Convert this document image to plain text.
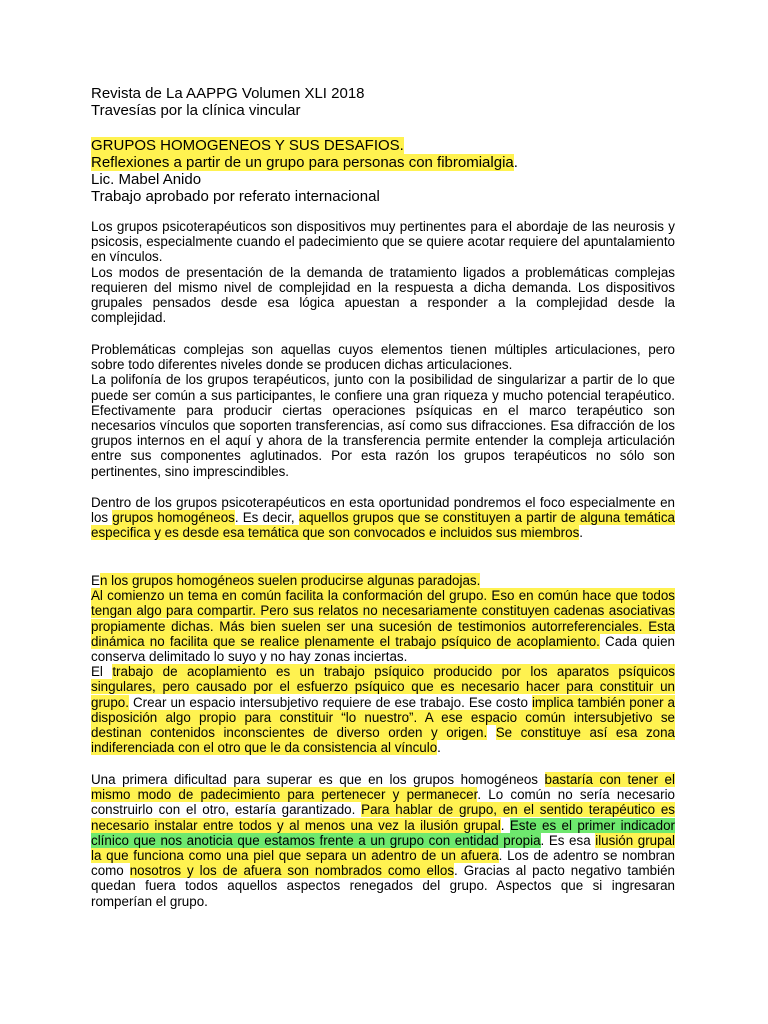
Revista de La AAPPG Volumen XLI 2018
Travesías por la clínica vincular
GRUPOS HOMOGENEOS Y SUS DESAFIOS.
Reflexiones a partir de un grupo para personas con fibromialgia.
Lic. Mabel Anido
Trabajo aprobado por referato internacional

Los grupos psicoterapéuticos son dispositivos muy pertinentes para el abordaje de las neurosis y psicosis, especialmente cuando el padecimiento que se quiere acotar requiere del apuntalamiento en vínculos.

Los modos de presentación de la demanda de tratamiento ligados a problemáticas complejas requieren del mismo nivel de complejidad en la respuesta a dicha demanda. Los dispositivos grupales pensados desde esa lógica apuestan a responder a la complejidad desde la complejidad.

Problemáticas complejas son aquellas cuyos elementos tienen múltiples articulaciones, pero sobre todo diferentes niveles donde se producen dichas articulaciones.

La polifonía de los grupos terapéuticos, junto con la posibilidad de singularizar a partir de lo que puede ser común a sus participantes, le confiere una gran riqueza y mucho potencial terapéutico. Efectivamente para producir ciertas operaciones psíquicas en el marco terapéutico son necesarios vínculos que soporten transferencias, así como sus difracciones. Esa difracción de los grupos internos en el aquí y ahora de la transferencia permite entender la compleja articulación entre sus componentes aglutinados. Por esta razón los grupos terapéuticos no sólo son pertinentes, sino imprescindibles.

Dentro de los grupos psicoterapéuticos en esta oportunidad pondremos el foco especialmente en los grupos homogéneos. Es decir, aquellos grupos que se constituyen a partir de alguna temática especifica y es desde esa temática que son convocados e incluidos sus miembros.

En los grupos homogéneos suelen producirse algunas paradojas.

Al comienzo un tema en común facilita la conformación del grupo. Eso en común hace que todos tengan algo para compartir. Pero sus relatos no necesariamente constituyen cadenas asociativas propiamente dichas. Más bien suelen ser una sucesión de testimonios autorreferenciales. Esta dinámica no facilita que se realice plenamente el trabajo psíquico de acoplamiento. Cada quien conserva delimitado lo suyo y no hay zonas inciertas.

El trabajo de acoplamiento es un trabajo psíquico producido por los aparatos psíquicos singulares, pero causado por el esfuerzo psíquico que es necesario hacer para constituir un grupo. Crear un espacio intersubjetivo requiere de ese trabajo. Ese costo implica también poner a disposición algo propio para constituir “lo nuestro”. A ese espacio común intersubjetivo se destinan contenidos inconscientes de diverso orden y origen. Se constituye así esa zona indiferenciada con el otro que le da consistencia al vínculo.

Una primera dificultad para superar es que en los grupos homogéneos bastaría con tener el mismo modo de padecimiento para pertenecer y permanecer. Lo común no sería necesario construirlo con el otro, estaría garantizado. Para hablar de grupo, en el sentido terapéutico es necesario instalar entre todos y al menos una vez la ilusión grupal. Este es el primer indicador clínico que nos anoticia que estamos frente a un grupo con entidad propia. Es esa ilusión grupal la que funciona como una piel que separa un adentro de un afuera. Los de adentro se nombran como nosotros y los de afuera son nombrados como ellos. Gracias al pacto negativo también quedan fuera todos aquellos aspectos renegados del grupo. Aspectos que si ingresaran romperían el grupo.
